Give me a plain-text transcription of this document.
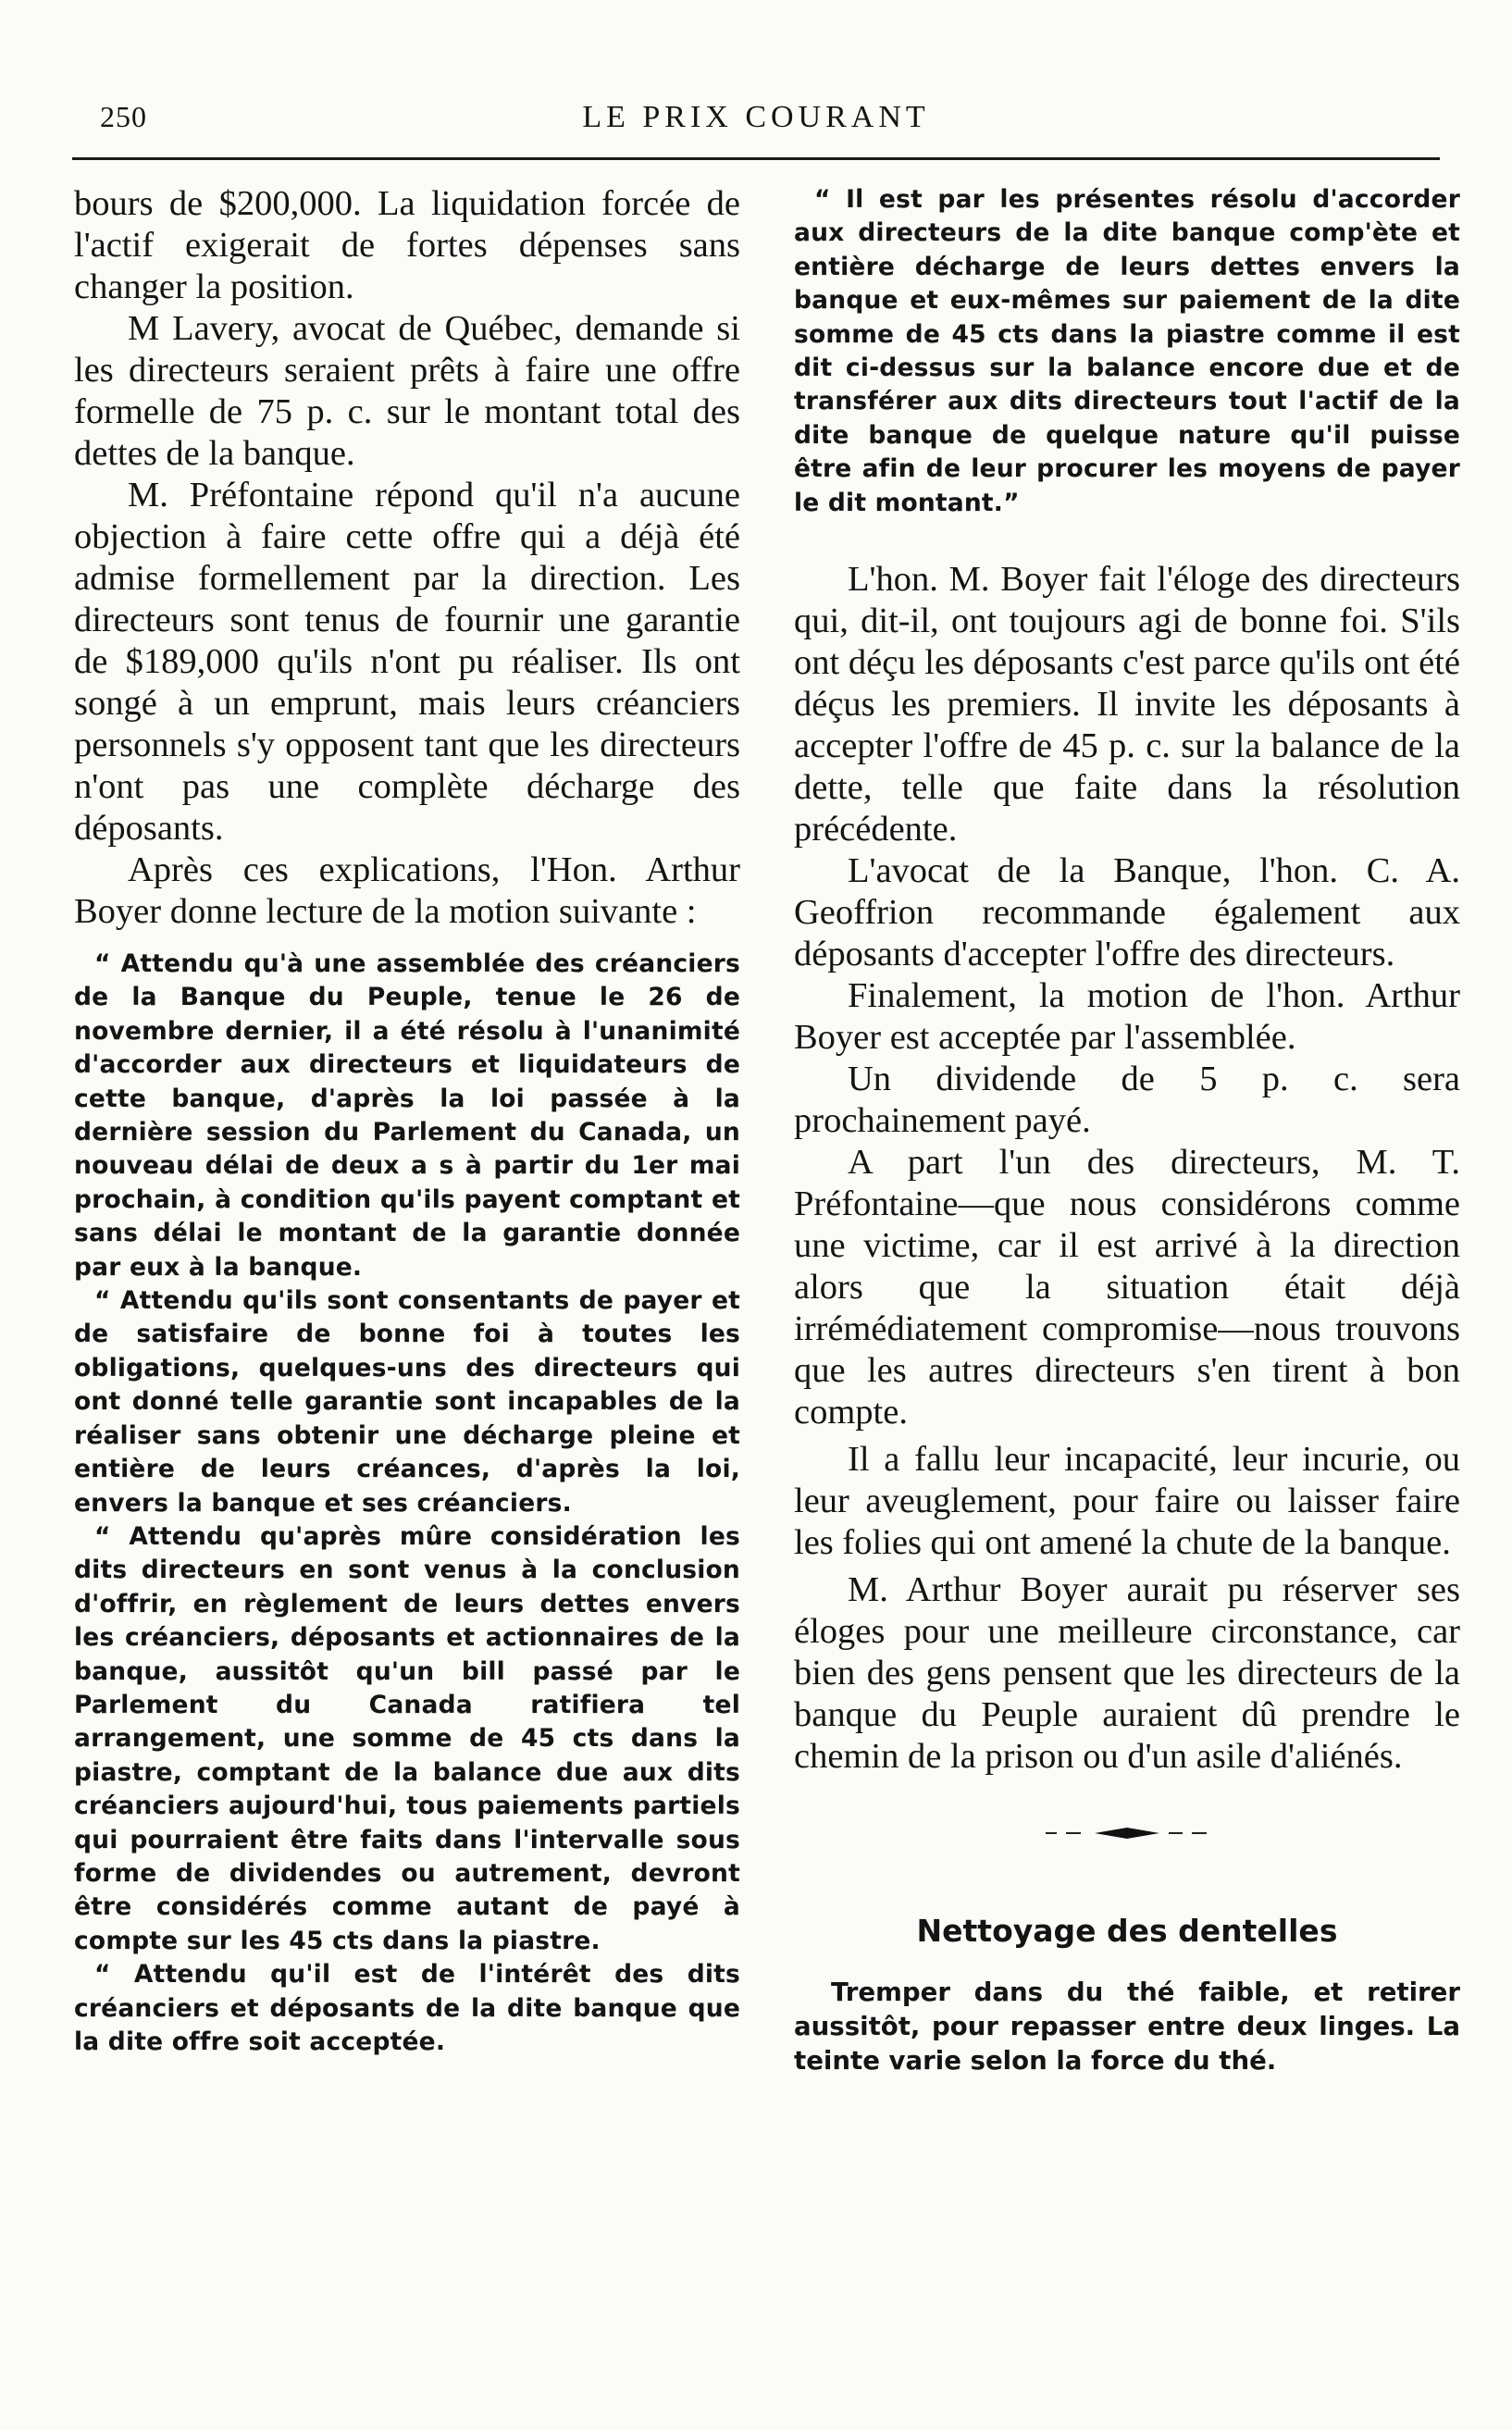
250	LE PRIX COURANT

bours de $200,000. La liquidation forcée de l'actif exigerait de fortes dépenses sans changer la position.

M Lavery, avocat de Québec, demande si les directeurs seraient prêts à faire une offre formelle de 75 p. c. sur le montant total des dettes de la banque.

M. Préfontaine répond qu'il n'a aucune objection à faire cette offre qui a déjà été admise formellement par la direction. Les directeurs sont tenus de fournir une garantie de $189,000 qu'ils n'ont pu réaliser. Ils ont songé à un emprunt, mais leurs créanciers personnels s'y opposent tant que les directeurs n'ont pas une complète décharge des déposants.

Après ces explications, l'Hon. Arthur Boyer donne lecture de la motion suivante :

“ Attendu qu'à une assemblée des créanciers de la Banque du Peuple, tenue le 26 de novembre dernier, il a été résolu à l'unanimité d'accorder aux directeurs et liquidateurs de cette banque, d'après la loi passée à la dernière session du Parlement du Canada, un nouveau délai de deux a s à partir du 1er mai prochain, à condition qu'ils payent comptant et sans délai le montant de la garantie donnée par eux à la banque.

“ Attendu qu'ils sont consentants de payer et de satisfaire de bonne foi à toutes les obligations, quelques-uns des directeurs qui ont donné telle garantie sont incapables de la réaliser sans obtenir une décharge pleine et entière de leurs créances, d'après la loi, envers la banque et ses créanciers.

“ Attendu qu'après mûre considération les dits directeurs en sont venus à la conclusion d'offrir, en règlement de leurs dettes envers les créanciers, déposants et actionnaires de la banque, aussitôt qu'un bill passé par le Parlement du Canada ratifiera tel arrangement, une somme de 45 cts dans la piastre, comptant de la balance due aux dits créanciers aujourd'hui, tous paiements partiels qui pourraient être faits dans l'intervalle sous forme de dividendes ou autrement, devront être considérés comme autant de payé à compte sur les 45 cts dans la piastre.

“ Attendu qu'il est de l'intérêt des dits créanciers et déposants de la dite banque que la dite offre soit acceptée.

“ Il est par les présentes résolu d'accorder aux directeurs de la dite banque comp'ète et entière décharge de leurs dettes envers la banque et eux-mêmes sur paiement de la dite somme de 45 cts dans la piastre comme il est dit ci-dessus sur la balance encore due et de transférer aux dits directeurs tout l'actif de la dite banque de quelque nature qu'il puisse être afin de leur procurer les moyens de payer le dit montant.”

L'hon. M. Boyer fait l'éloge des directeurs qui, dit-il, ont toujours agi de bonne foi. S'ils ont déçu les déposants c'est parce qu'ils ont été déçus les premiers. Il invite les déposants à accepter l'offre de 45 p. c. sur la balance de la dette, telle que faite dans la résolution précédente.

L'avocat de la Banque, l'hon. C. A. Geoffrion recommande également aux déposants d'accepter l'offre des directeurs.

Finalement, la motion de l'hon. Arthur Boyer est acceptée par l'assemblée.

Un dividende de 5 p. c. sera prochainement payé.

A part l'un des directeurs, M. T. Préfontaine—que nous considérons comme une victime, car il est arrivé à la direction alors que la situation était déjà irrémédiatement compromise—nous trouvons que les autres directeurs s'en tirent à bon compte.

Il a fallu leur incapacité, leur incurie, ou leur aveuglement, pour faire ou laisser faire les folies qui ont amené la chute de la banque.

M. Arthur Boyer aurait pu réserver ses éloges pour une meilleure circonstance, car bien des gens pensent que les directeurs de la banque du Peuple auraient dû prendre le chemin de la prison ou d'un asile d'aliénés.

Nettoyage des dentelles

Tremper dans du thé faible, et retirer aussitôt, pour repasser entre deux linges. La teinte varie selon la force du thé.
